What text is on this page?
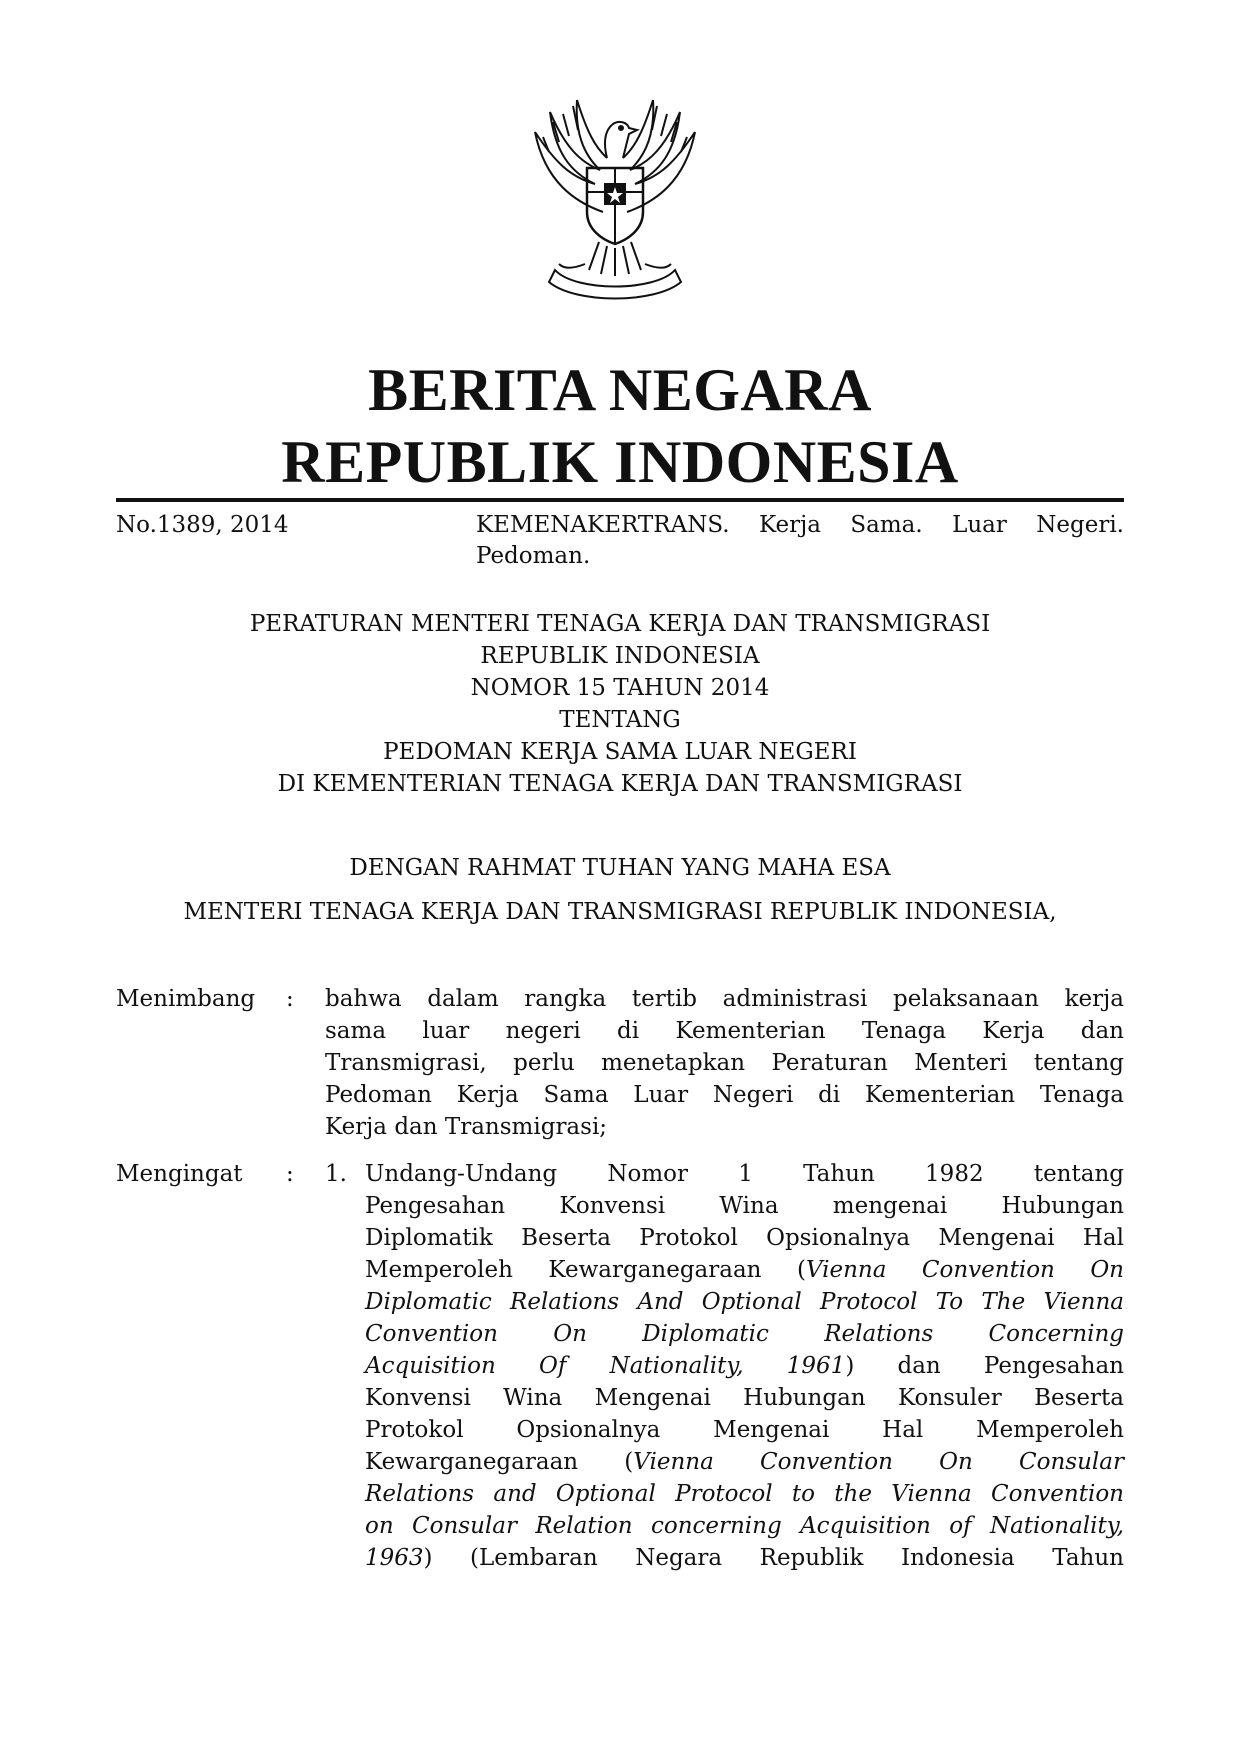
BERITA NEGARA
REPUBLIK INDONESIA
No.1389, 2014	KEMENAKERTRANS. Kerja Sama. Luar Negeri.
Pedoman.
PERATURAN MENTERI TENAGA KERJA DAN TRANSMIGRASI
REPUBLIK INDONESIA
NOMOR 15 TAHUN 2014
TENTANG
PEDOMAN KERJA SAMA LUAR NEGERI
DI KEMENTERIAN TENAGA KERJA DAN TRANSMIGRASI
DENGAN RAHMAT TUHAN YANG MAHA ESA
MENTERI TENAGA KERJA DAN TRANSMIGRASI REPUBLIK INDONESIA,
Menimbang : bahwa dalam rangka tertib administrasi pelaksanaan kerja
sama luar negeri di Kementerian Tenaga Kerja dan
Transmigrasi, perlu menetapkan Peraturan Menteri tentang
Pedoman Kerja Sama Luar Negeri di Kementerian Tenaga
Kerja dan Transmigrasi;
Mengingat : 1. Undang-Undang Nomor 1 Tahun 1982 tentang
Pengesahan Konvensi Wina mengenai Hubungan
Diplomatik Beserta Protokol Opsionalnya Mengenai Hal
Memperoleh Kewarganegaraan (Vienna Convention On
Diplomatic Relations And Optional Protocol To The Vienna
Convention On Diplomatic Relations Concerning
Acquisition Of Nationality, 1961) dan Pengesahan
Konvensi Wina Mengenai Hubungan Konsuler Beserta
Protokol Opsionalnya Mengenai Hal Memperoleh
Kewarganegaraan (Vienna Convention On Consular
Relations and Optional Protocol to the Vienna Convention
on Consular Relation concerning Acquisition of Nationality,
1963) (Lembaran Negara Republik Indonesia Tahun
